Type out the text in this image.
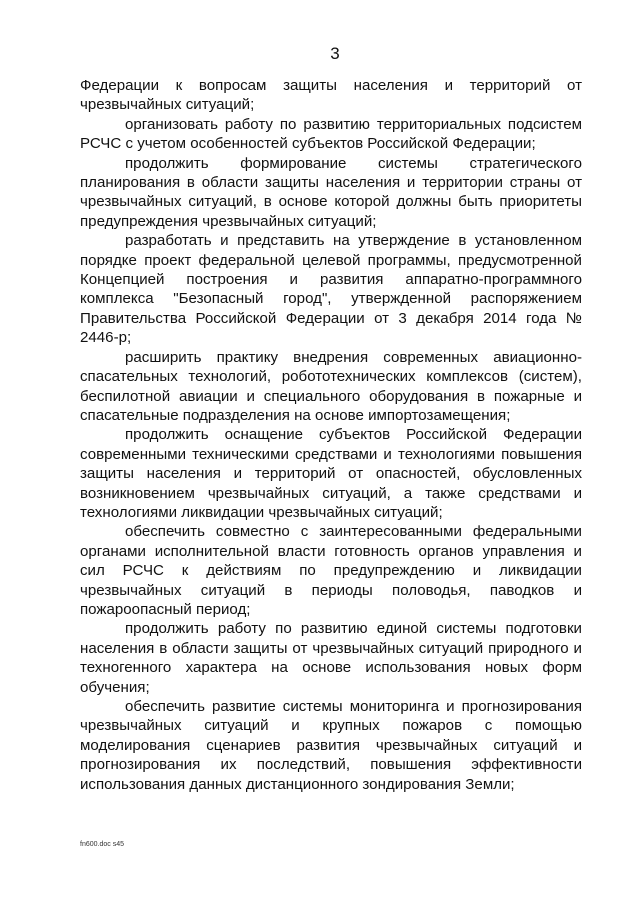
3

Федерации к вопросам защиты населения и территорий от чрезвычайных ситуаций;

организовать работу по развитию территориальных подсистем РСЧС с учетом особенностей субъектов Российской Федерации;

продолжить формирование системы стратегического планирования в области защиты населения и территории страны от чрезвычайных ситуаций, в основе которой должны быть приоритеты предупреждения чрезвычайных ситуаций;

разработать и представить на утверждение в установленном порядке проект федеральной целевой программы, предусмотренной Концепцией построения и развития аппаратно-программного комплекса "Безопасный город", утвержденной распоряжением Правительства Российской Федерации от 3 декабря 2014 года № 2446-р;

расширить практику внедрения современных авиационно-спасательных технологий, робототехнических комплексов (систем), беспилотной авиации и специального оборудования в пожарные и спасательные подразделения на основе импортозамещения;

продолжить оснащение субъектов Российской Федерации современными техническими средствами и технологиями повышения защиты населения и территорий от опасностей, обусловленных возникновением чрезвычайных ситуаций, а также средствами и технологиями ликвидации чрезвычайных ситуаций;

обеспечить совместно с заинтересованными федеральными органами исполнительной власти готовность органов управления и сил РСЧС к действиям по предупреждению и ликвидации чрезвычайных ситуаций в периоды половодья, паводков и пожароопасный период;

продолжить работу по развитию единой системы подготовки населения в области защиты от чрезвычайных ситуаций природного и техногенного характера на основе использования новых форм обучения;

обеспечить развитие системы мониторинга и прогнозирования чрезвычайных ситуаций и крупных пожаров с помощью моделирования сценариев развития чрезвычайных ситуаций и прогнозирования их последствий, повышения эффективности использования данных дистанционного зондирования Земли;

fn600.doc s45
